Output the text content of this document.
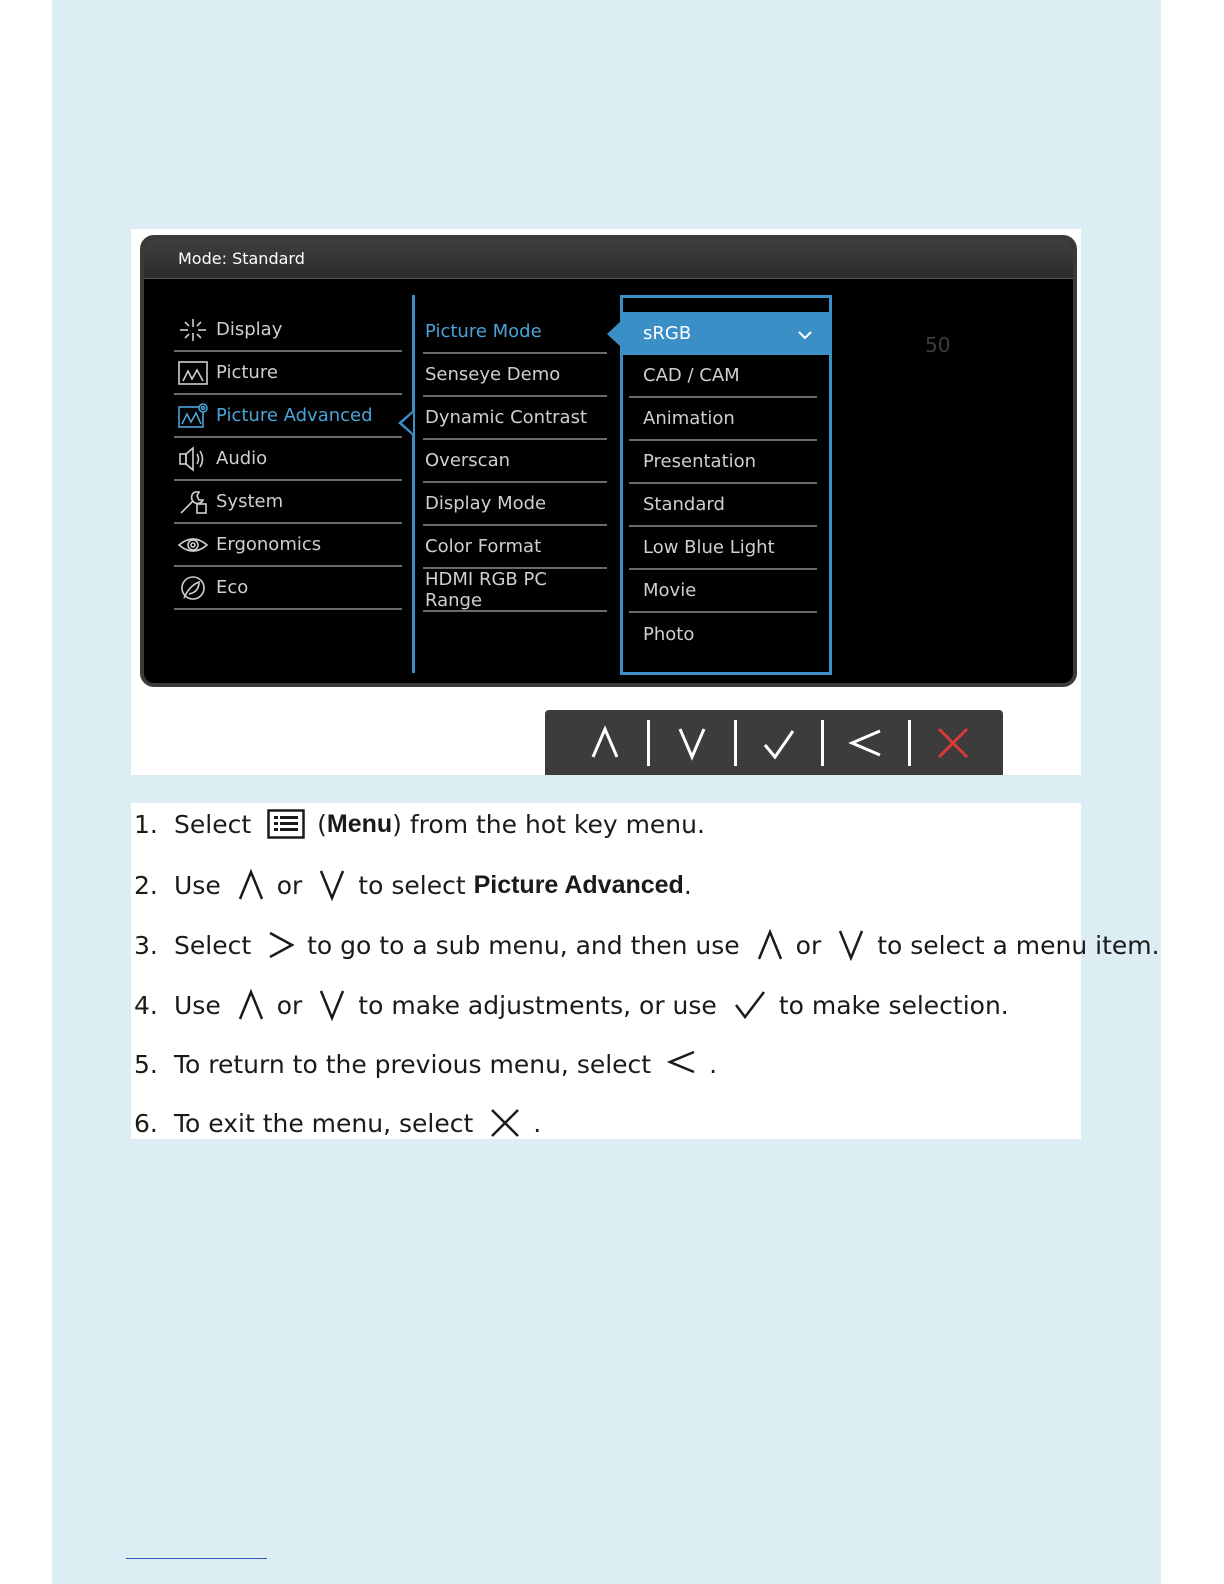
Mode: Standard
Display
Picture
Picture Advanced
Audio
System
Ergonomics
Eco
Picture Mode
Senseye Demo
Dynamic Contrast
Overscan
Display Mode
Color Format
HDMI RGB PC Range
sRGB
CAD / CAM
Animation
Presentation
Standard
Low Blue Light
Movie
Photo
50
1. Select	( Menu ) from the hot key menu.
2. Use or to select
Picture Advanced .
3. Select to go to a sub menu, and then use or to select a menu item.
4. Use or to make adjustments, or use to make selection.
5. To return to the previous menu, select .
6. To exit the menu, select .
